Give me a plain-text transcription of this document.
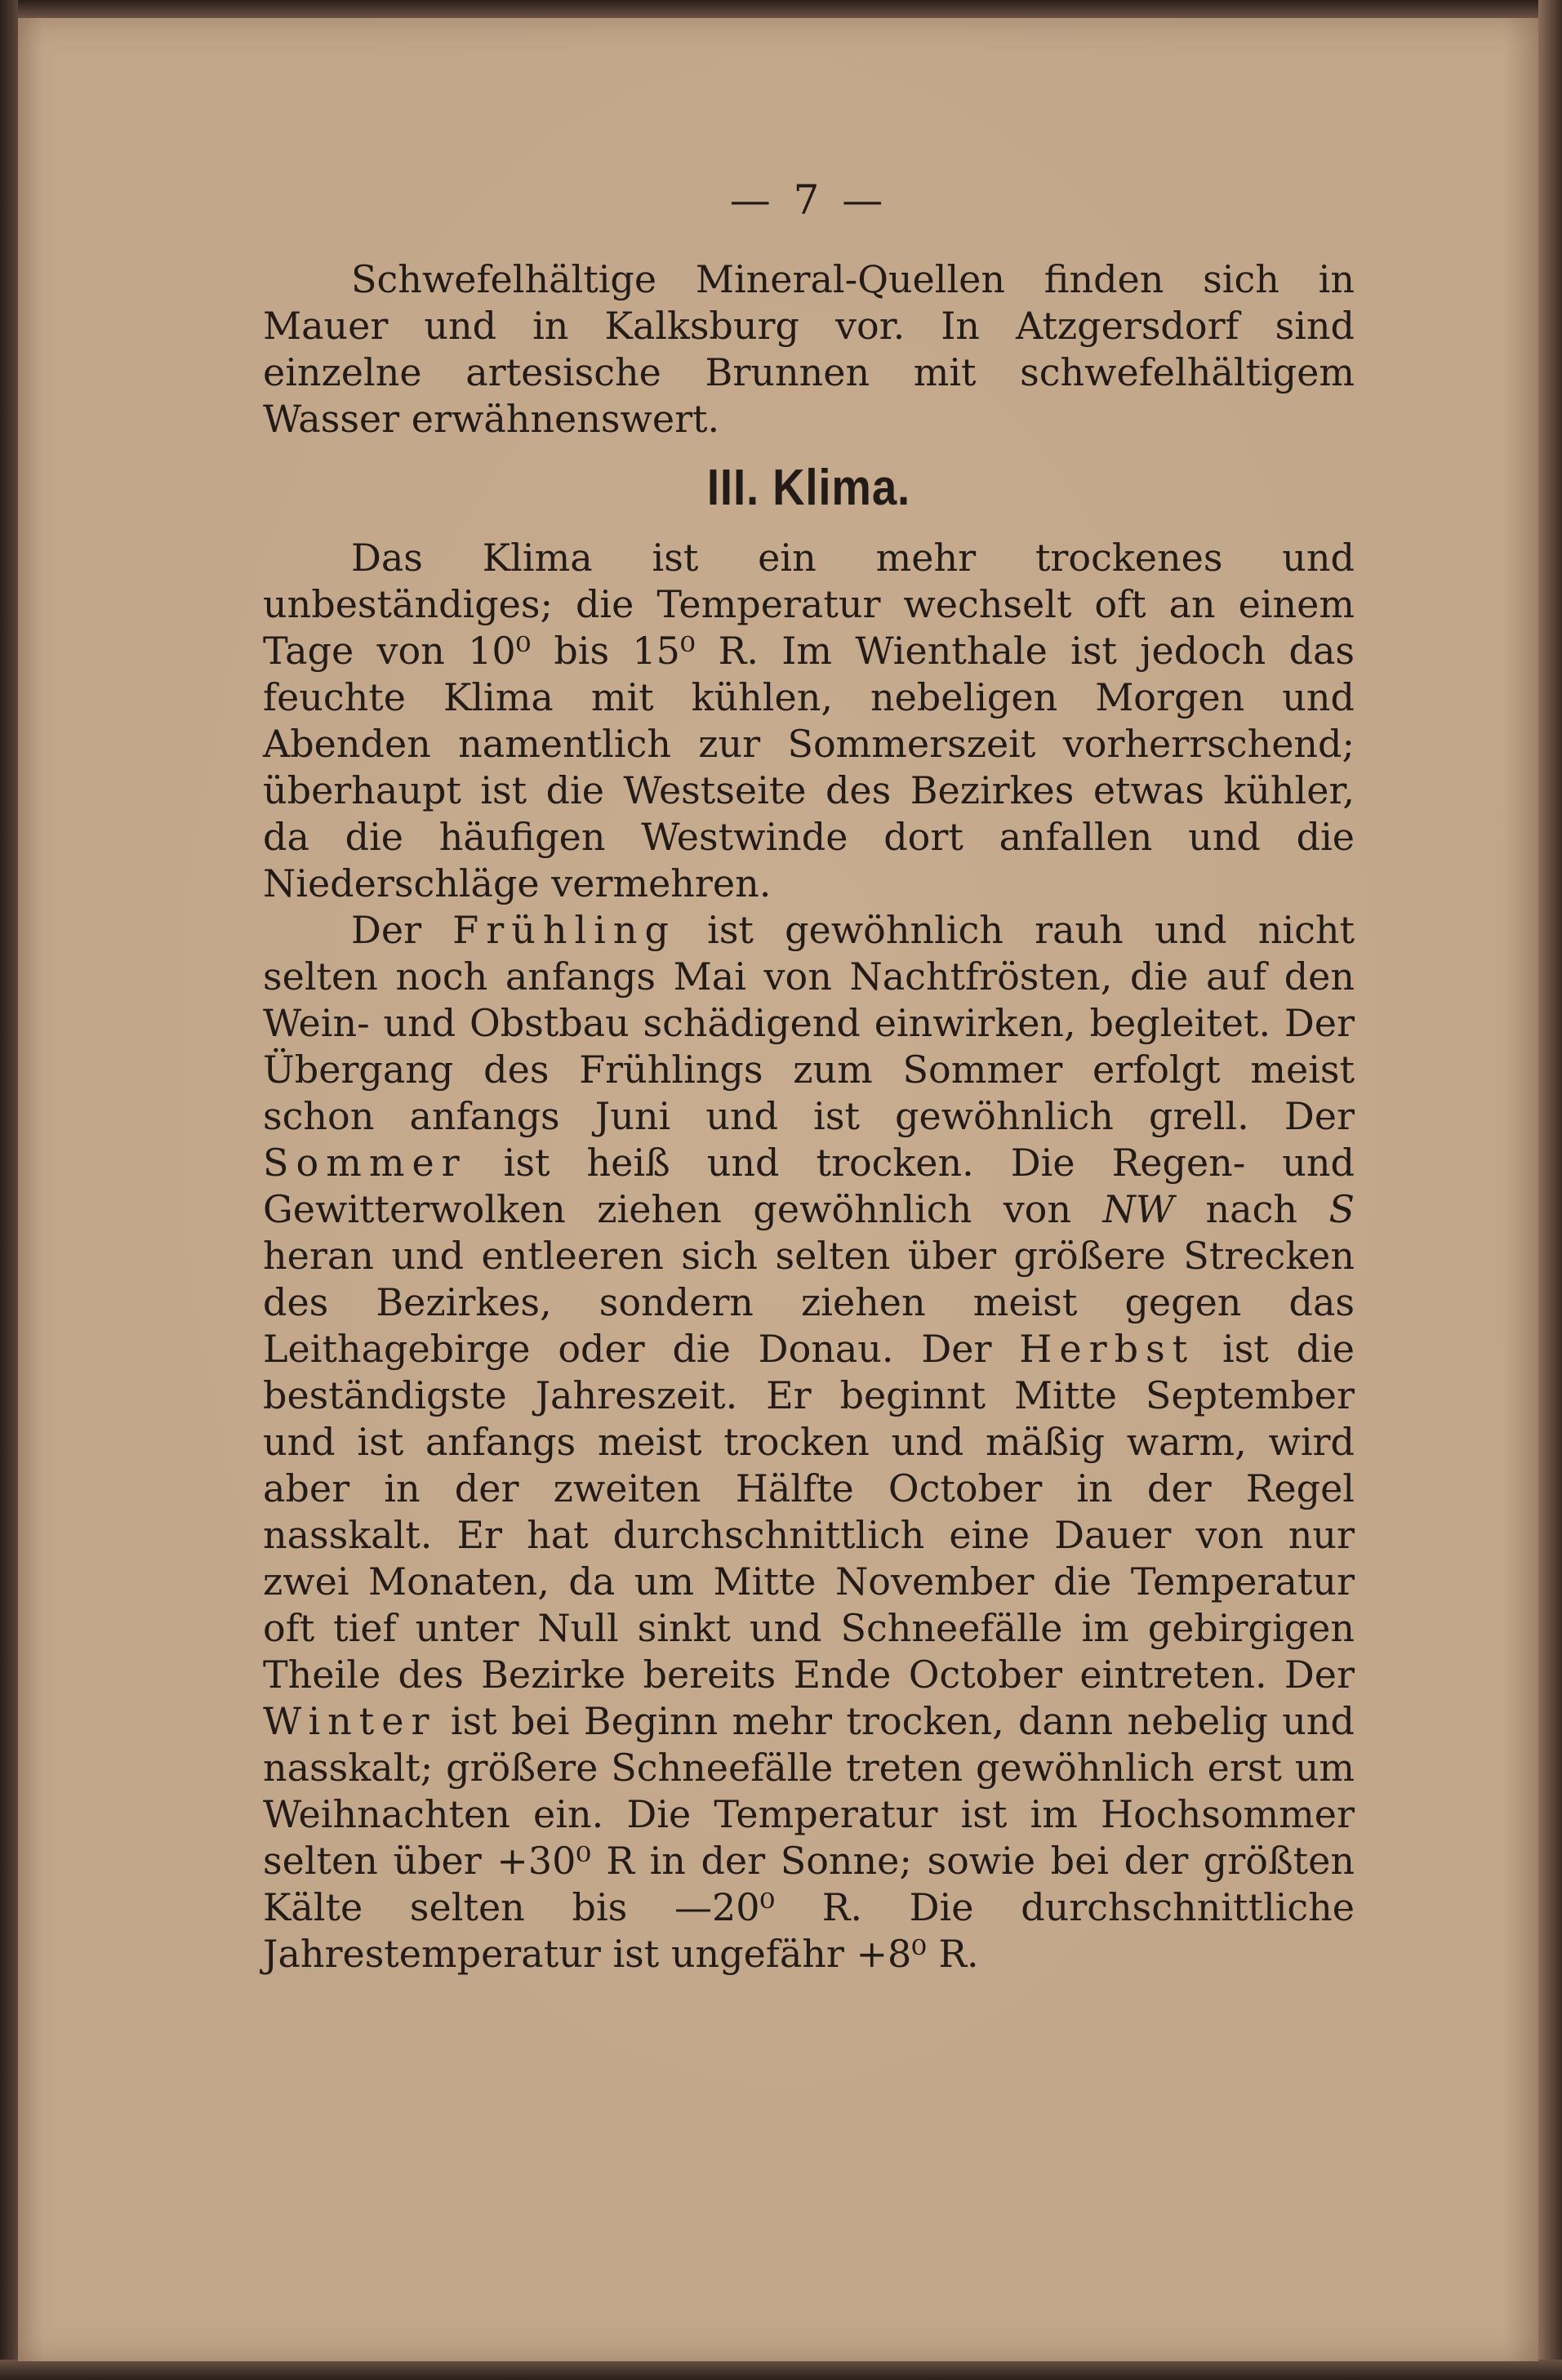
— 7 —

Schwefelhältige Mineral-Quellen finden sich in Mauer und in Kalksburg vor. In Atzgersdorf sind einzelne artesische Brunnen mit schwefelhältigem Wasser erwähnenswert.

III. Klima.

Das Klima ist ein mehr trockenes und unbeständiges; die Temperatur wechselt oft an einem Tage von 10⁰ bis 15⁰ R. Im Wienthale ist jedoch das feuchte Klima mit kühlen, nebeligen Morgen und Abenden namentlich zur Sommerszeit vorherrschend; überhaupt ist die Westseite des Bezirkes etwas kühler, da die häufigen Westwinde dort anfallen und die Niederschläge vermehren.

Der Frühling ist gewöhnlich rauh und nicht selten noch anfangs Mai von Nachtfrösten, die auf den Wein- und Obstbau schädigend einwirken, begleitet. Der Übergang des Frühlings zum Sommer erfolgt meist schon anfangs Juni und ist gewöhnlich grell. Der Sommer ist heiß und trocken. Die Regen- und Gewitterwolken ziehen gewöhnlich von NW nach S heran und entleeren sich selten über größere Strecken des Bezirkes, sondern ziehen meist gegen das Leithagebirge oder die Donau. Der Herbst ist die beständigste Jahreszeit. Er beginnt Mitte September und ist anfangs meist trocken und mäßig warm, wird aber in der zweiten Hälfte October in der Regel nasskalt. Er hat durchschnittlich eine Dauer von nur zwei Monaten, da um Mitte November die Temperatur oft tief unter Null sinkt und Schneefälle im gebirgigen Theile des Bezirke bereits Ende October eintreten. Der Winter ist bei Beginn mehr trocken, dann nebelig und nasskalt; größere Schneefälle treten gewöhnlich erst um Weihnachten ein. Die Temperatur ist im Hochsommer selten über +30⁰ R in der Sonne; sowie bei der größten Kälte selten bis —20⁰ R. Die durchschnittliche Jahrestemperatur ist ungefähr +8⁰ R.
